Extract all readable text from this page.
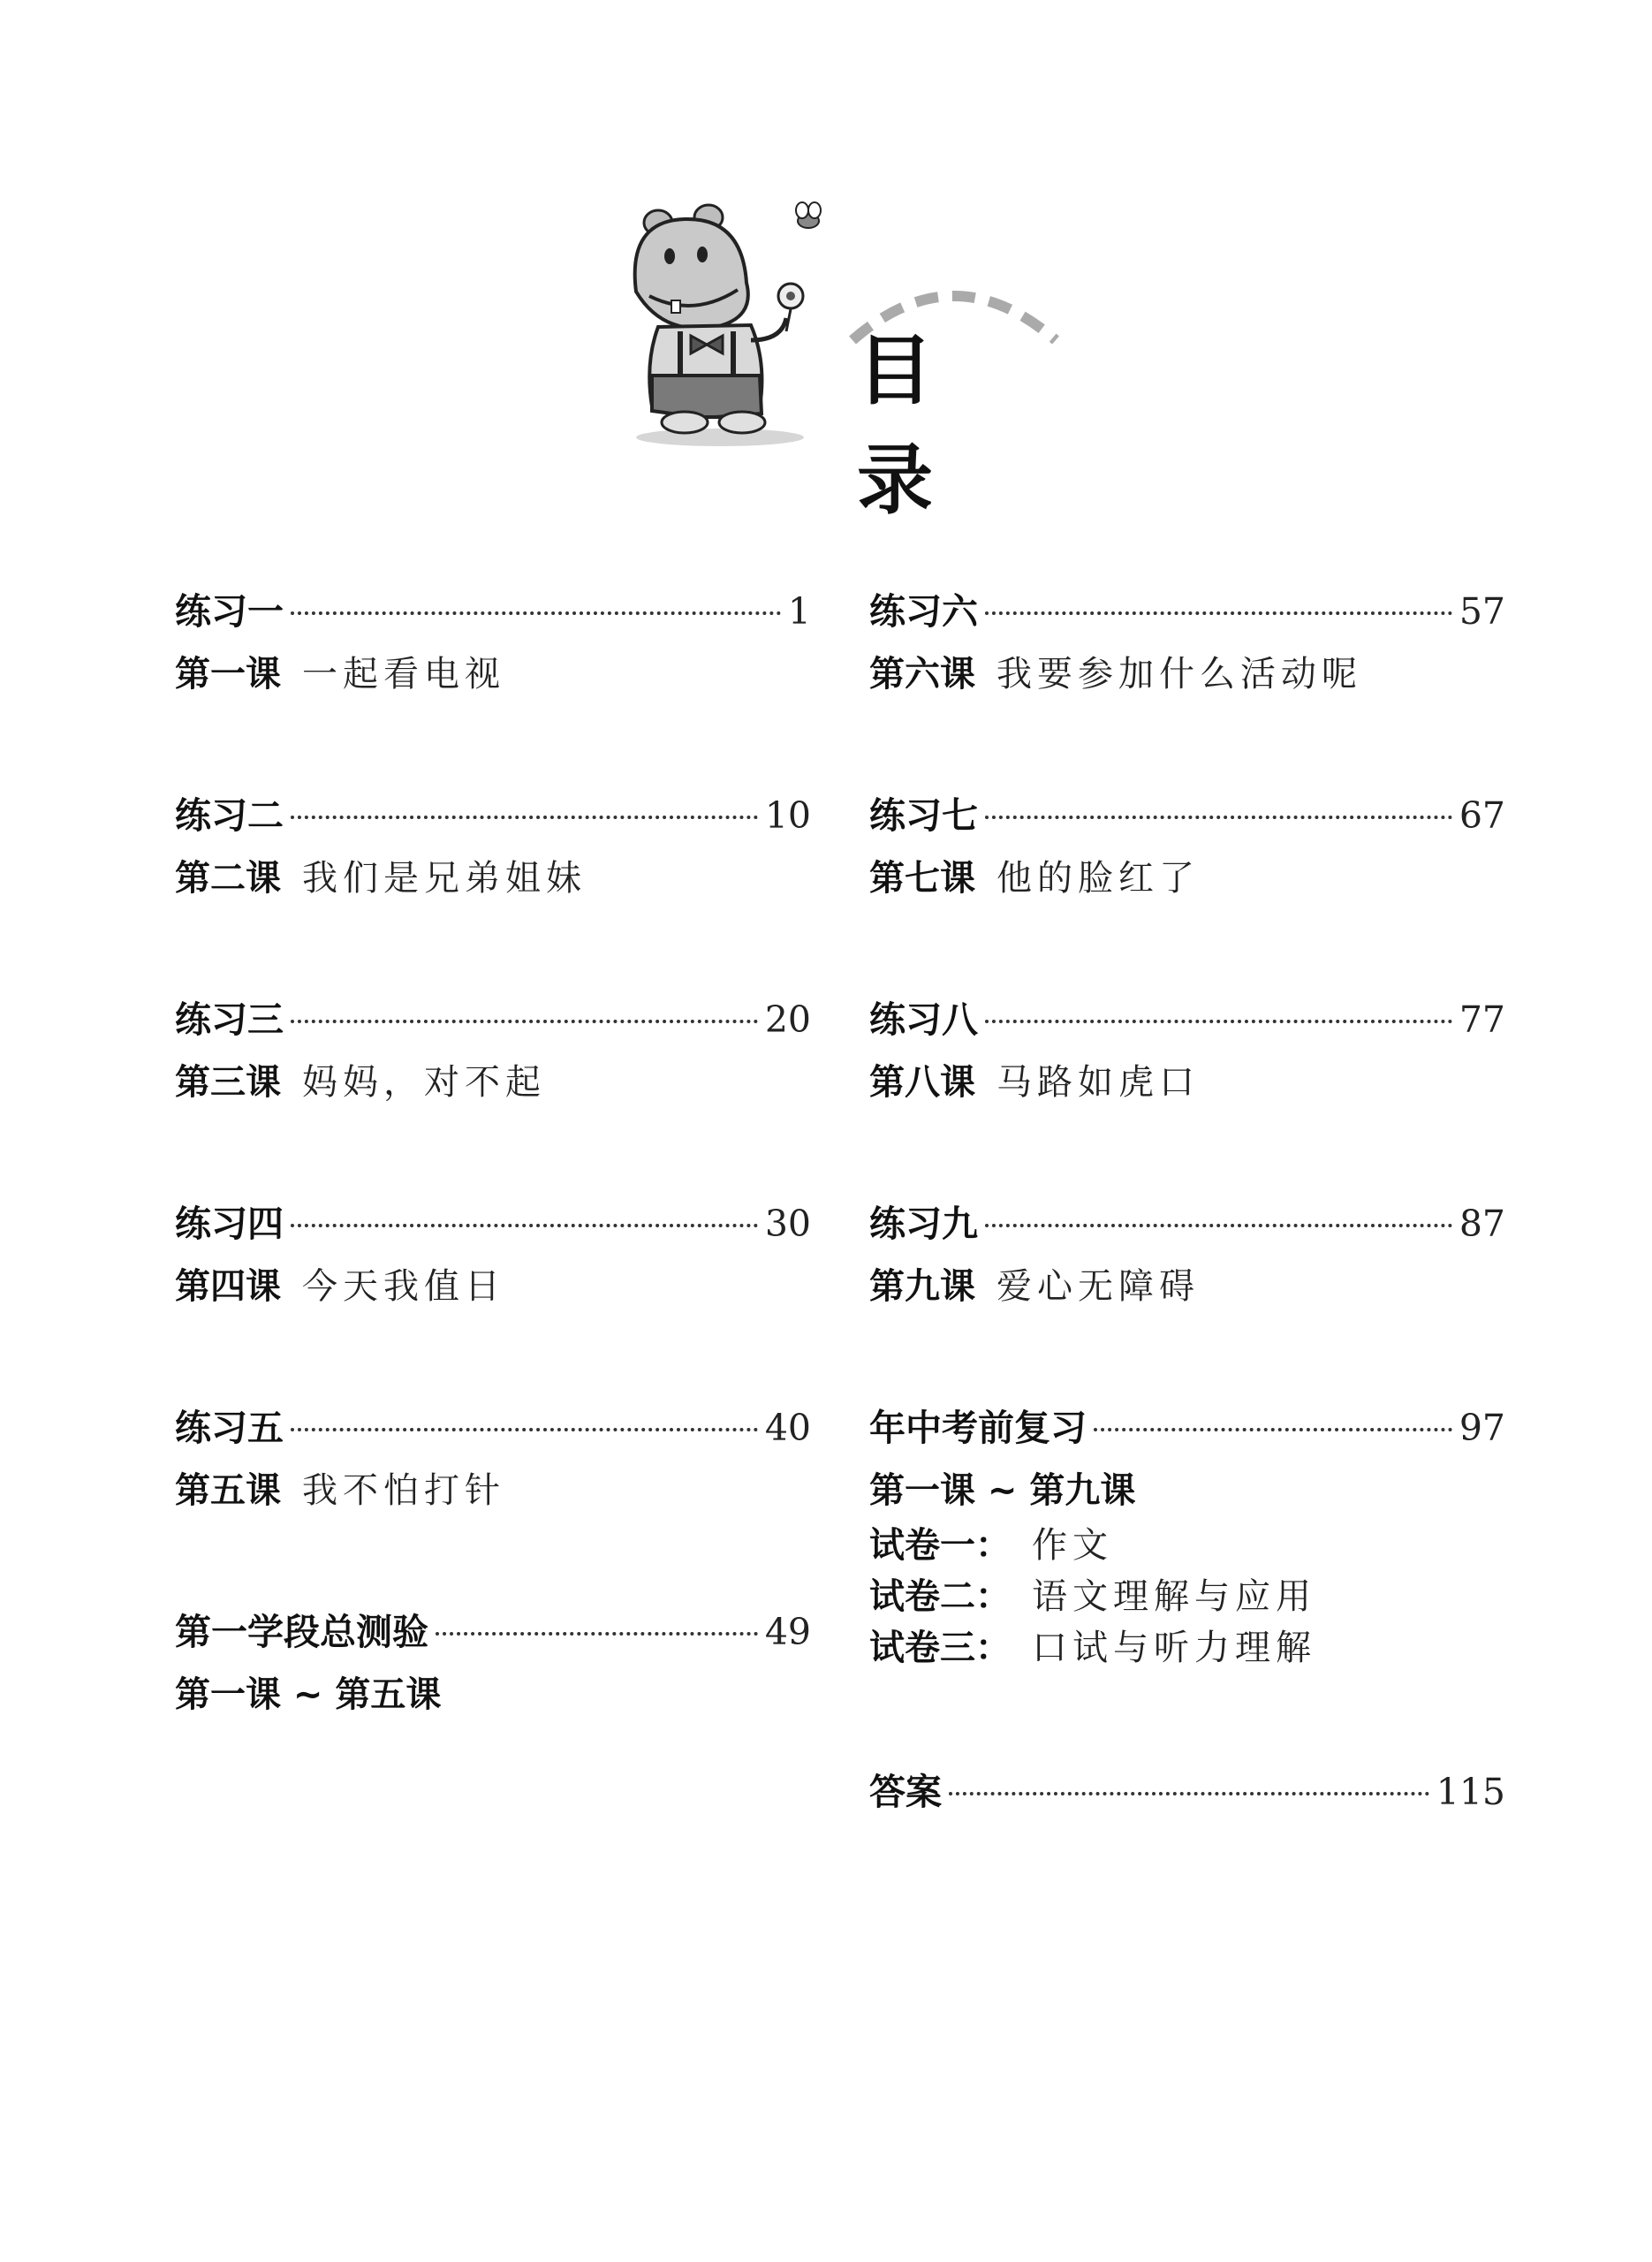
目 录
练习一	1
第一课 一起看电视
练习二	10
第二课 我们是兄弟姐妹
练习三	20
第三课 妈妈，对不起
练习四	30
第四课 今天我值日
练习五	40
第五课 我不怕打针
第一学段总测验	49
第一课 ~ 第五课
练习六	57
第六课 我要参加什么活动呢
练习七	67
第七课 他的脸红了
练习八	77
第八课 马路如虎口
练习九	87
第九课 爱心无障碍
年中考前复习	97
第一课 ~ 第九课
试卷一： 作文
试卷二： 语文理解与应用
试卷三： 口试与听力理解
答案	115
